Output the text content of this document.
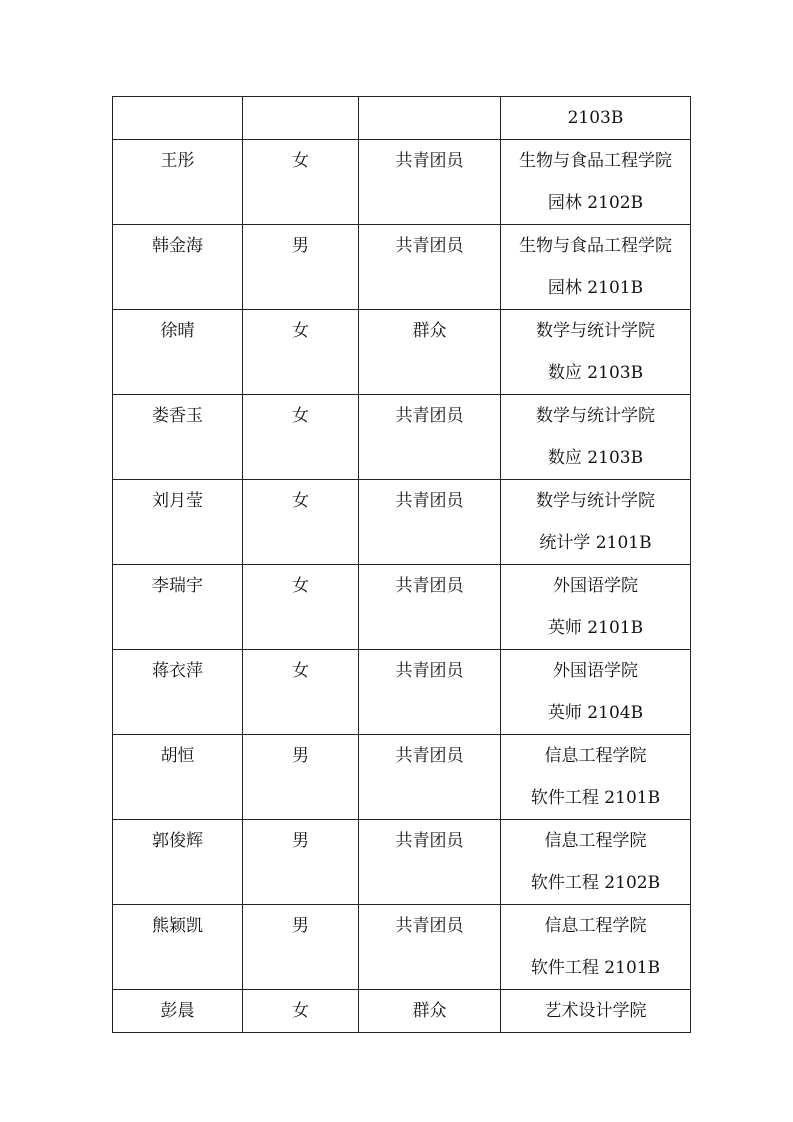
			2103B

王彤	女	共青团员	生物与食品工程学院
园林 2102B

韩金海	男	共青团员	生物与食品工程学院
园林 2101B

徐晴	女	群众	数学与统计学院
数应 2103B

娄香玉	女	共青团员	数学与统计学院
数应 2103B

刘月莹	女	共青团员	数学与统计学院
统计学 2101B

李瑞宇	女	共青团员	外国语学院
英师 2101B

蒋衣萍	女	共青团员	外国语学院
英师 2104B

胡恒	男	共青团员	信息工程学院
软件工程 2101B

郭俊辉	男	共青团员	信息工程学院
软件工程 2102B

熊颖凯	男	共青团员	信息工程学院
软件工程 2101B

彭晨	女	群众	艺术设计学院
